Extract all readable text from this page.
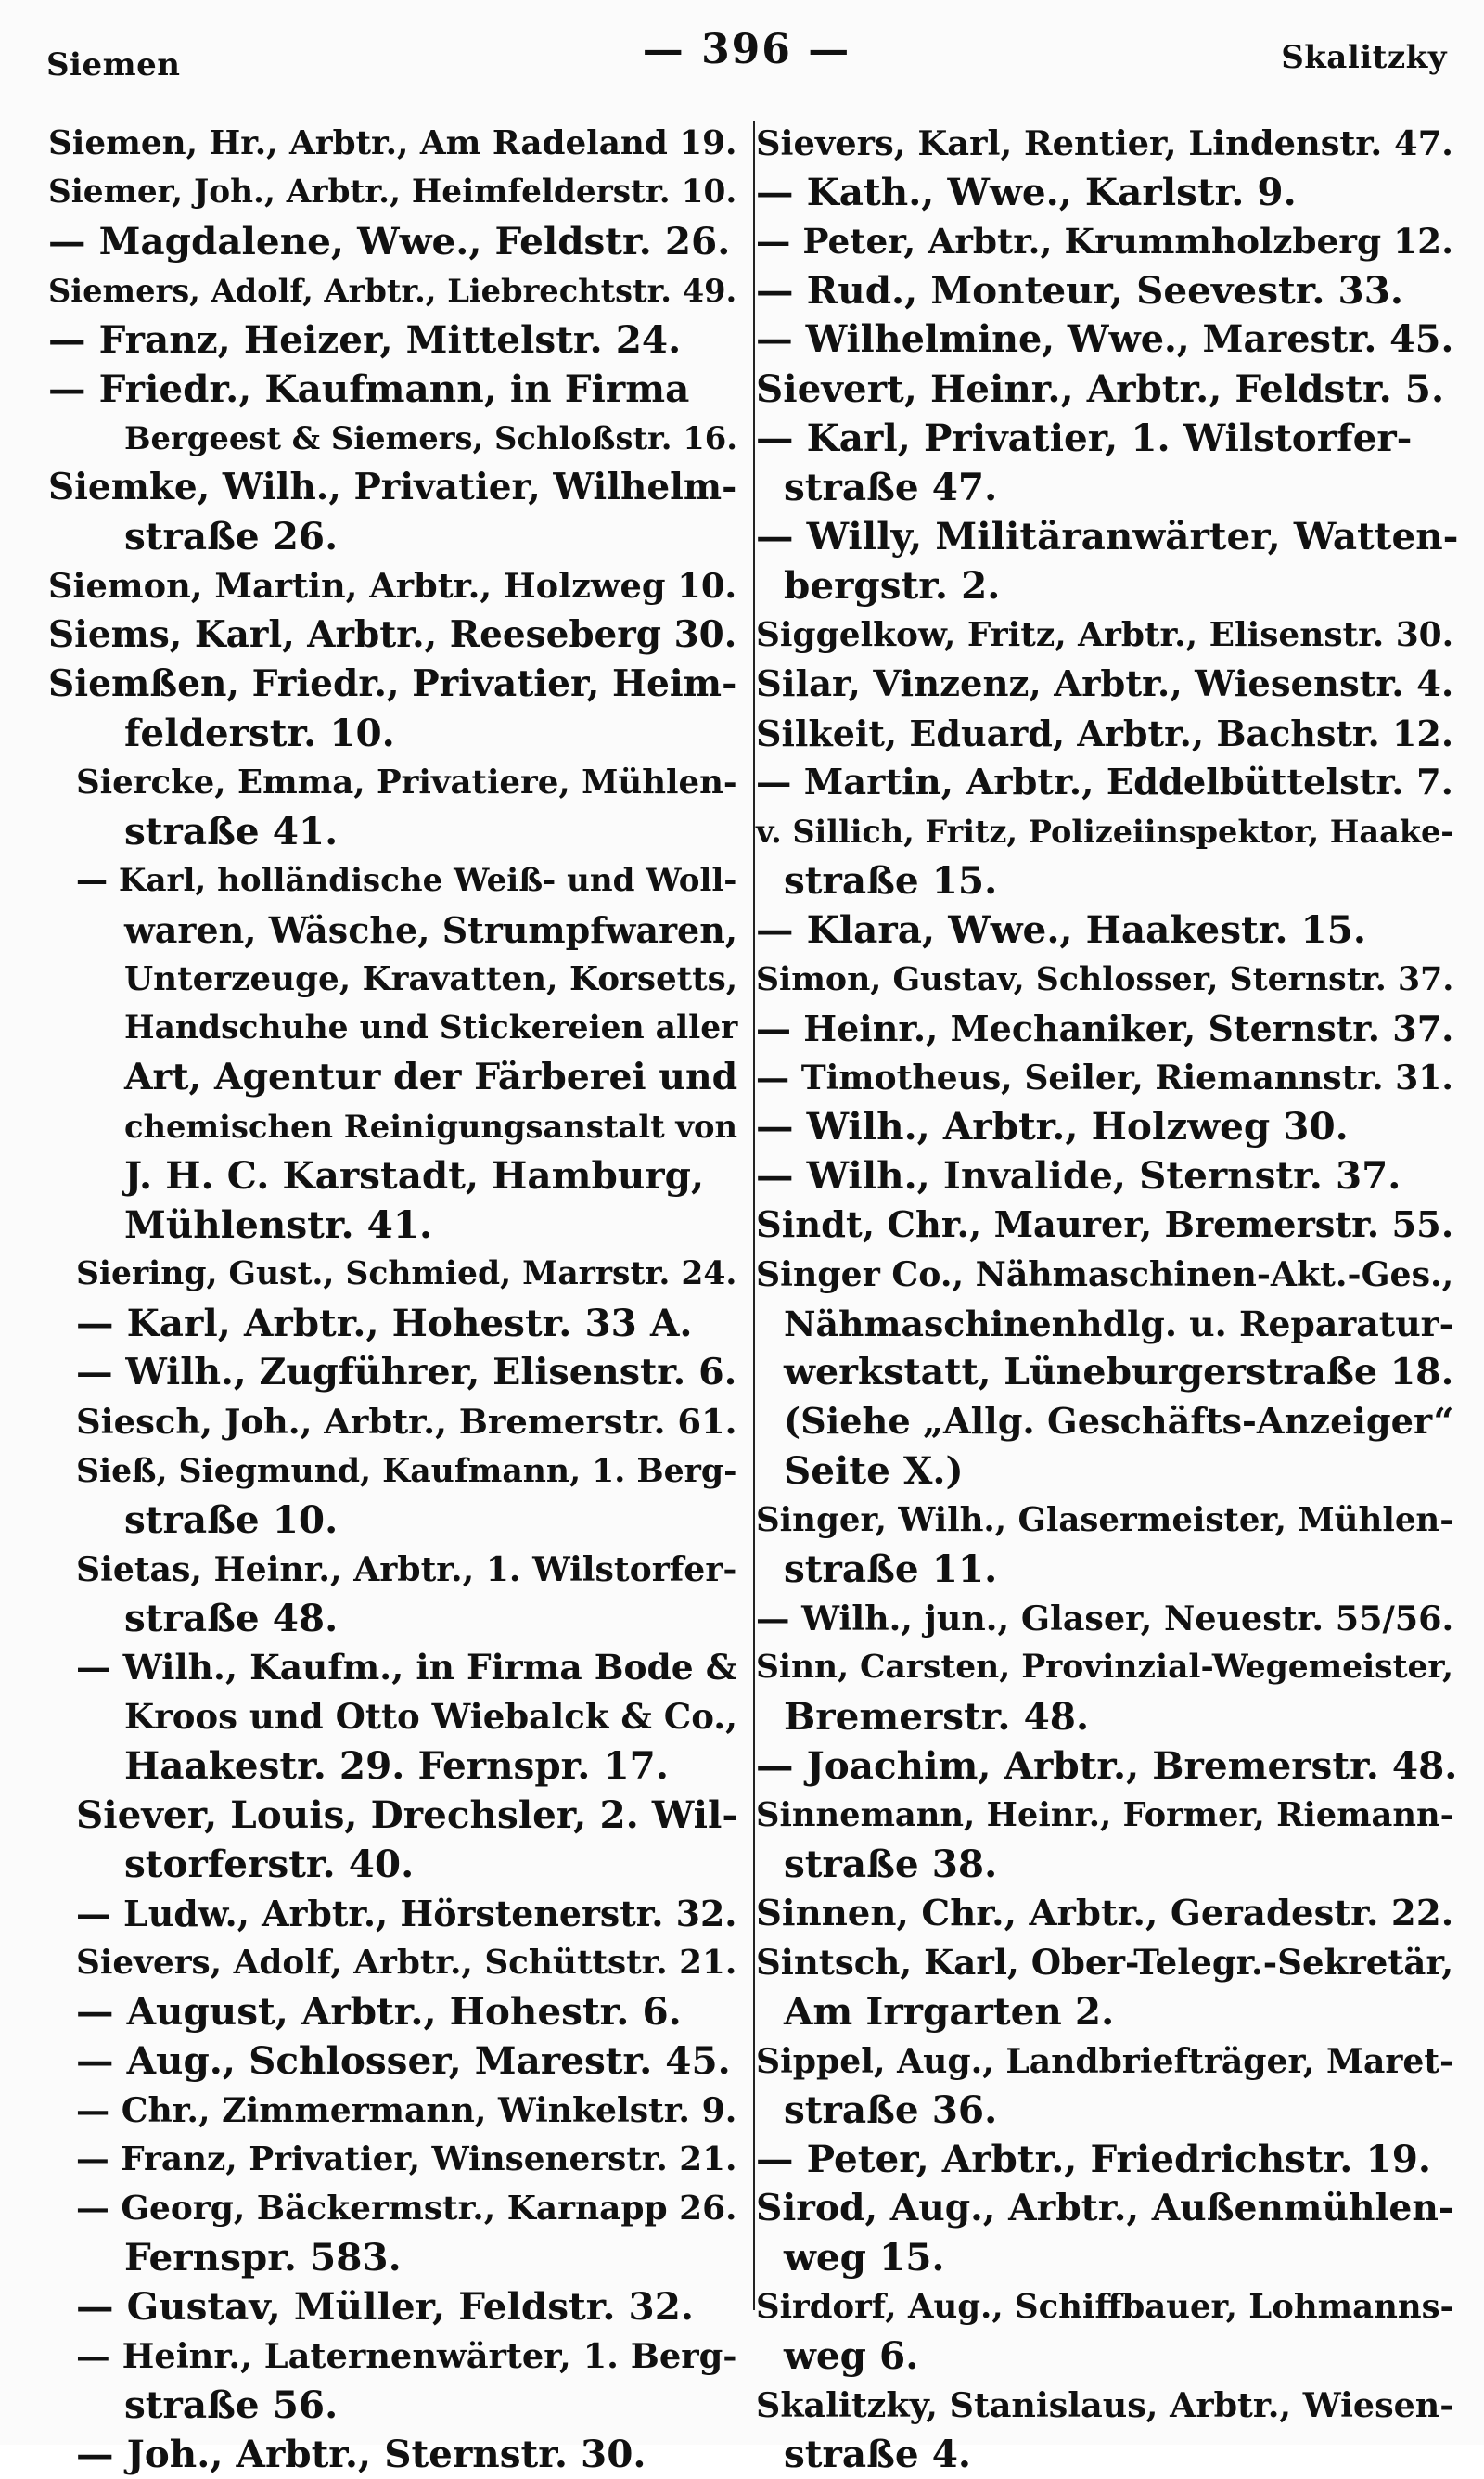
Siemen	— 396 —	Skalitzky
Siemen, Hr., Arbtr., Am Radeland 19.
Siemer, Joh., Arbtr., Heimfelderstr. 10.
— Magdalene, Wwe., Feldstr. 26.
Siemers, Adolf, Arbtr., Liebrechtstr. 49.
— Franz, Heizer, Mittelstr. 24.
— Friedr., Kaufmann, in Firma
Bergeest & Siemers, Schloßstr. 16.
Siemke, Wilh., Privatier, Wilhelm-
straße 26.
Siemon, Martin, Arbtr., Holzweg 10.
Siems, Karl, Arbtr., Reeseberg 30.
Siemßen, Friedr., Privatier, Heim-
felderstr. 10.
Siercke, Emma, Privatiere, Mühlen-
straße 41.
— Karl, holländische Weiß- und Woll-
waren, Wäsche, Strumpfwaren,
Unterzeuge, Kravatten, Korsetts,
Handschuhe und Stickereien aller
Art, Agentur der Färberei und
chemischen Reinigungsanstalt von
J. H. C. Karstadt, Hamburg,
Mühlenstr. 41.
Siering, Gust., Schmied, Marrstr. 24.
— Karl, Arbtr., Hohestr. 33 A.
— Wilh., Zugführer, Elisenstr. 6.
Siesch, Joh., Arbtr., Bremerstr. 61.
Sieß, Siegmund, Kaufmann, 1. Berg-
straße 10.
Sietas, Heinr., Arbtr., 1. Wilstorfer-
straße 48.
— Wilh., Kaufm., in Firma Bode &
Kroos und Otto Wiebalck & Co.,
Haakestr. 29. Fernspr. 17.
Siever, Louis, Drechsler, 2. Wil-
storferstr. 40.
— Ludw., Arbtr., Hörstenerstr. 32.
Sievers, Adolf, Arbtr., Schüttstr. 21.
— August, Arbtr., Hohestr. 6.
— Aug., Schlosser, Marestr. 45.
— Chr., Zimmermann, Winkelstr. 9.
— Franz, Privatier, Winsenerstr. 21.
— Georg, Bäckermstr., Karnapp 26.
Fernspr. 583.
— Gustav, Müller, Feldstr. 32.
— Heinr., Laternenwärter, 1. Berg-
straße 56.
— Joh., Arbtr., Sternstr. 30.
Sievers, Karl, Rentier, Lindenstr. 47.
— Kath., Wwe., Karlstr. 9.
— Peter, Arbtr., Krummholzberg 12.
— Rud., Monteur, Seevestr. 33.
— Wilhelmine, Wwe., Marestr. 45.
Sievert, Heinr., Arbtr., Feldstr. 5.
— Karl, Privatier, 1. Wilstorfer-
straße 47.
— Willy, Militäranwärter, Watten-
bergstr. 2.
Siggelkow, Fritz, Arbtr., Elisenstr. 30.
Silar, Vinzenz, Arbtr., Wiesenstr. 4.
Silkeit, Eduard, Arbtr., Bachstr. 12.
— Martin, Arbtr., Eddelbüttelstr. 7.
v. Sillich, Fritz, Polizeiinspektor, Haake-
straße 15.
— Klara, Wwe., Haakestr. 15.
Simon, Gustav, Schlosser, Sternstr. 37.
— Heinr., Mechaniker, Sternstr. 37.
— Timotheus, Seiler, Riemannstr. 31.
— Wilh., Arbtr., Holzweg 30.
— Wilh., Invalide, Sternstr. 37.
Sindt, Chr., Maurer, Bremerstr. 55.
Singer Co., Nähmaschinen-Akt.-Ges.,
Nähmaschinenhdlg. u. Reparatur-
werkstatt, Lüneburgerstraße 18.
(Siehe „Allg. Geschäfts-Anzeiger“
Seite X.)
Singer, Wilh., Glasermeister, Mühlen-
straße 11.
— Wilh., jun., Glaser, Neuestr. 55/56.
Sinn, Carsten, Provinzial-Wegemeister,
Bremerstr. 48.
— Joachim, Arbtr., Bremerstr. 48.
Sinnemann, Heinr., Former, Riemann-
straße 38.
Sinnen, Chr., Arbtr., Geradestr. 22.
Sintsch, Karl, Ober-Telegr.-Sekretär,
Am Irrgarten 2.
Sippel, Aug., Landbriefträger, Maret-
straße 36.
— Peter, Arbtr., Friedrichstr. 19.
Sirod, Aug., Arbtr., Außenmühlen-
weg 15.
Sirdorf, Aug., Schiffbauer, Lohmanns-
weg 6.
Skalitzky, Stanislaus, Arbtr., Wiesen-
straße 4.
